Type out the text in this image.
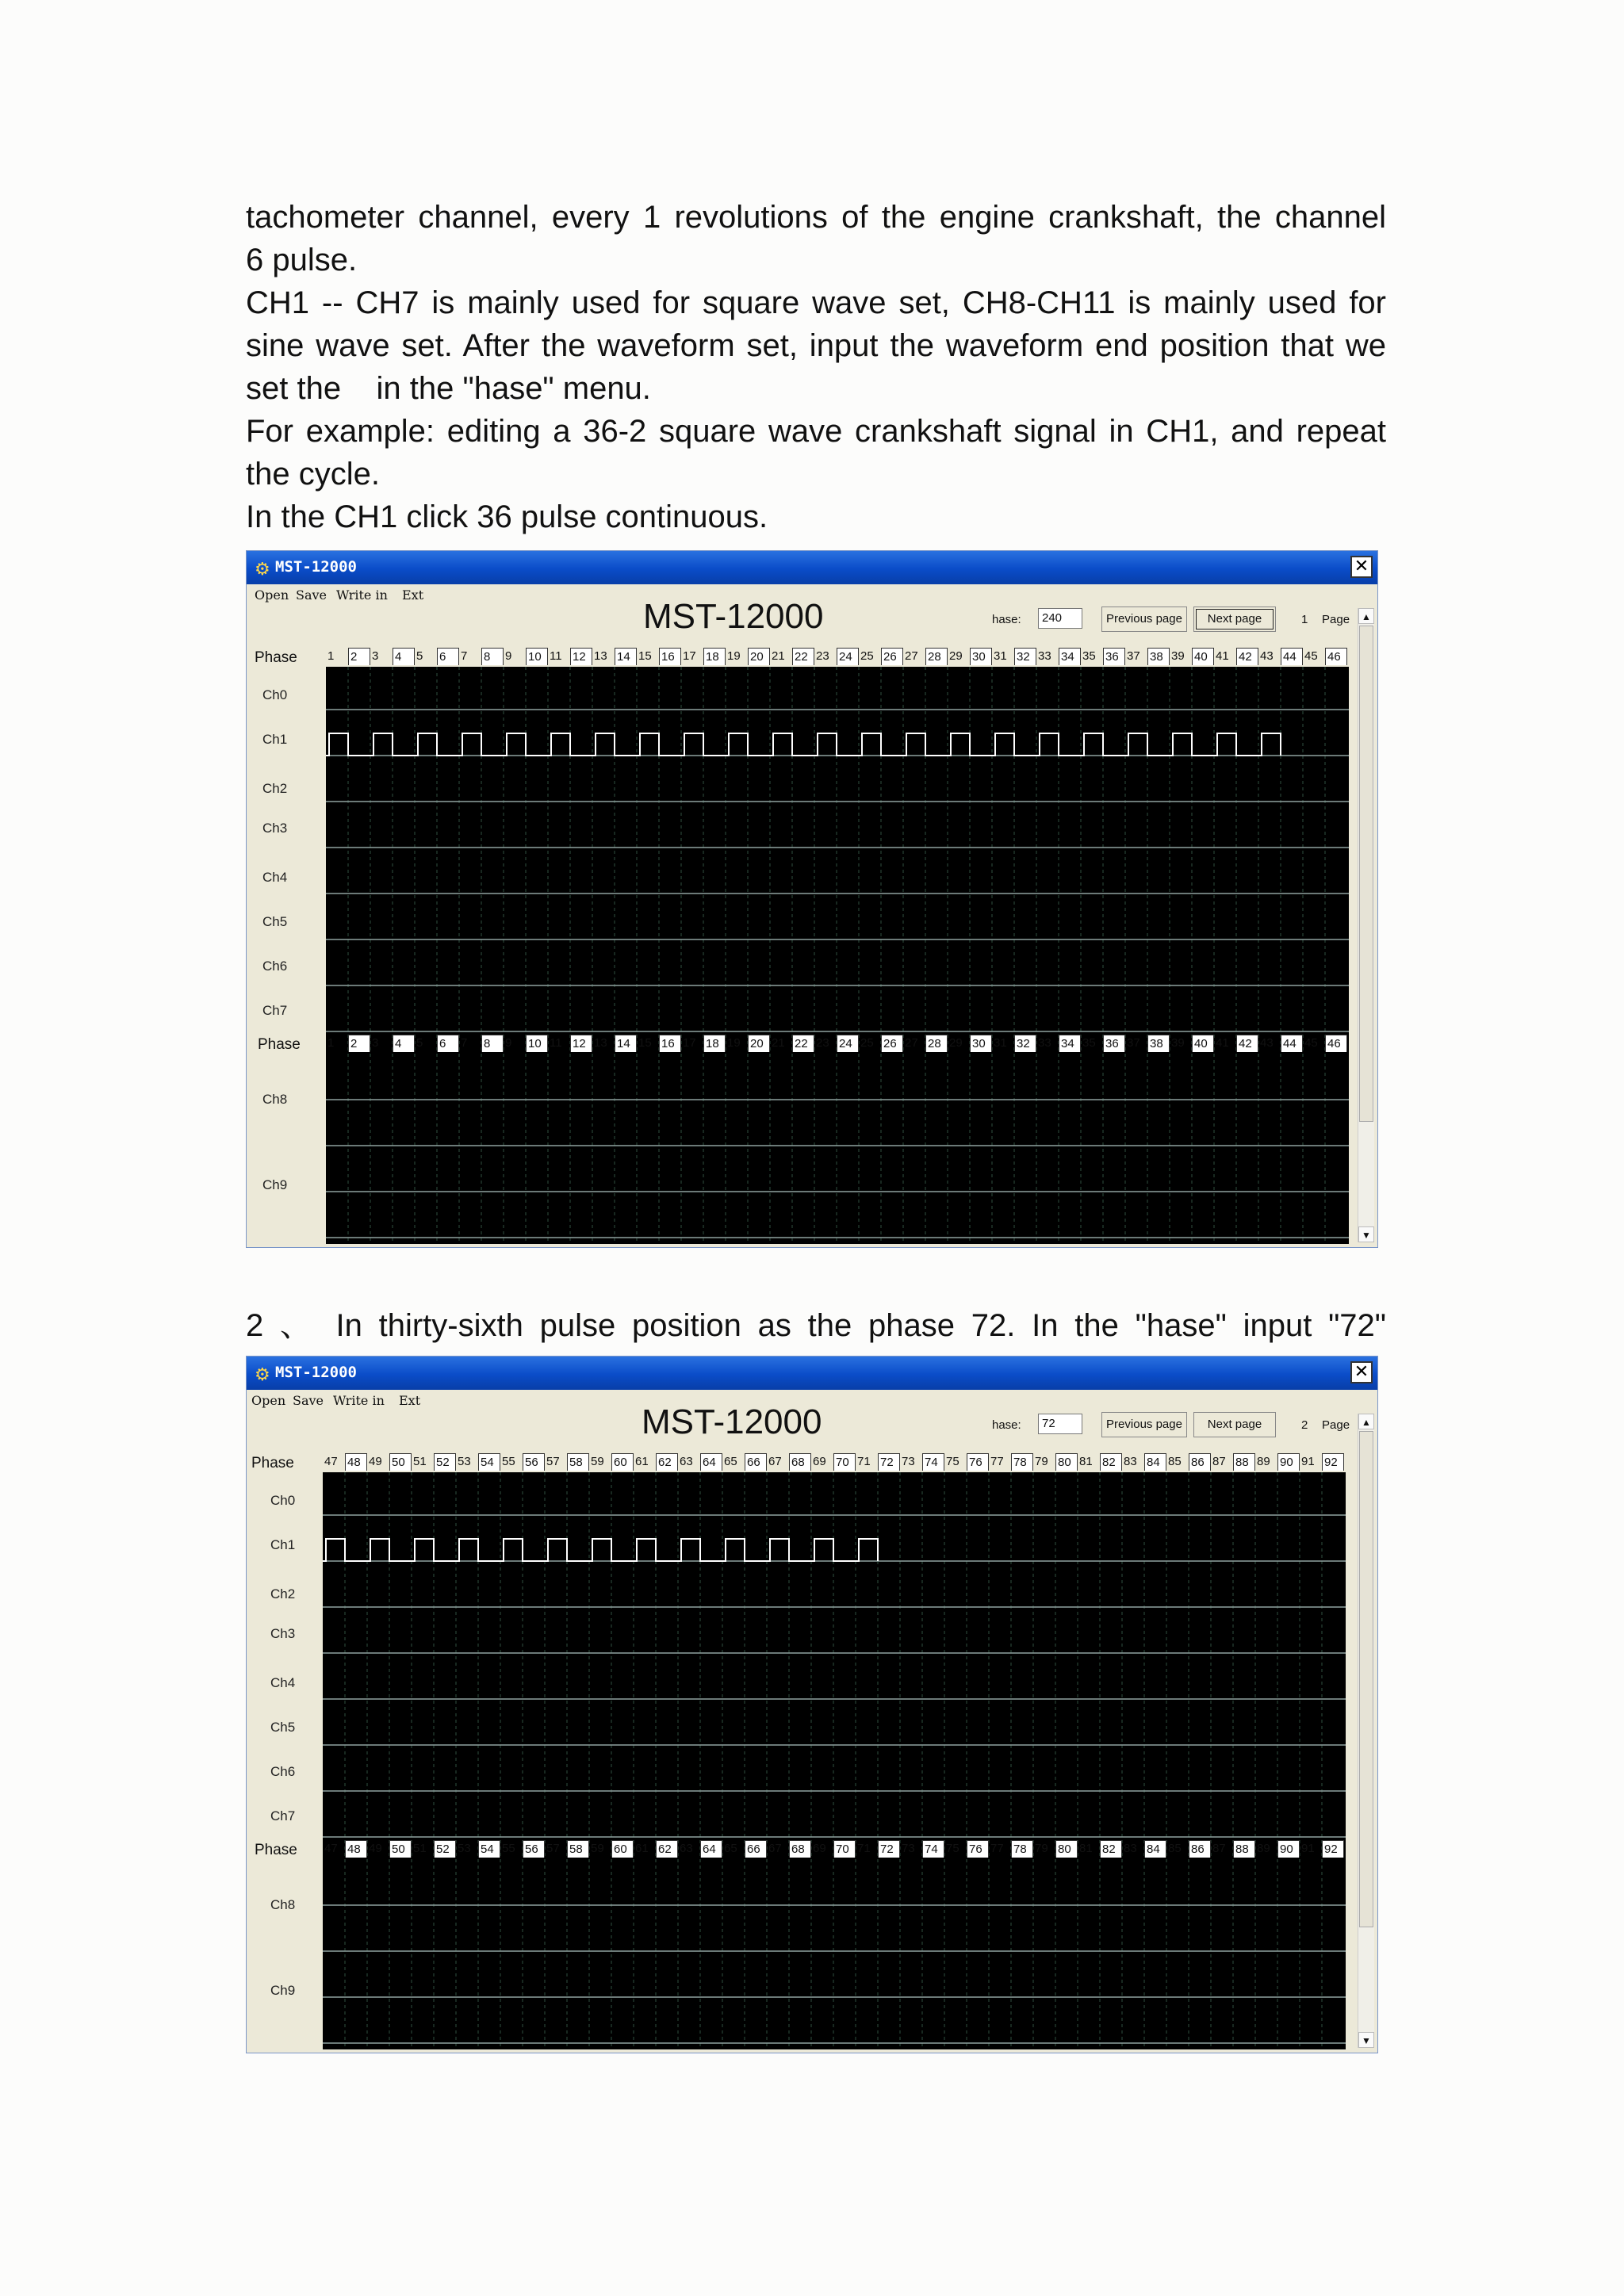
tachometer channel, every 1 revolutions of the engine crankshaft, the channel

6 pulse.

CH1 -- CH7 is mainly used for square wave set, CH8-CH11 is mainly used for

sine wave set. After the waveform set, input the waveform end position that we

set the    in the "hase" menu.

For example: editing a 36-2 square wave crankshaft signal in CH1, and repeat

the cycle.

In the CH1 click 36 pulse continuous.

⚙ MST-12000	✕
Open Save Write in Ext
MST-12000	hase:	240	Previous page	Next page	1 Page
Phase	1	2	3	4	5	6	7	8	9	10 11 12 13 14 15 16 17 18 19 20 21 22 23 24 25 26 27 28 29 30 31 32 33 34 35 36 37 38 39 40 41 42 43 44 45 46
Ch0
Ch1
Ch2
Ch3
Ch4
Ch5
Ch6
Ch7
Phase 1	2	3	4	5	6	7	8	9	10 11 12 13 14 15 16 17 18 19 20 21 22 23 24 25 26 27 28 29 30 31 32 33 34 35 36 37 38 39 40 41 42 43 44 45 46
Ch8
Ch9
▲
▼

2 、 In thirty-sixth pulse position as the phase 72. In the "hase" input "72"

⚙ MST-12000	✕
Open Save Write in Ext
MST-12000	hase:	72	Previous page	Next page	2 Page
Phase	47 48 49 50 51 52 53 54 55 56 57 58 59 60 61 62 63 64 65 66 67 68 69 70 71 72 73 74 75 76 77 78 79 80 81 82 83 84 85 86 87 88 89 90 91 92
Ch0
Ch1
Ch2
Ch3
Ch4
Ch5
Ch6
Ch7
Phase 47 48 49 50 51 52 53 54 55 56 57 58 59 60 61 62 63 64 65 66 67 68 69 70 71 72 73 74 75 76 77 78 79 80 81 82 83 84 85 86 87 88 89 90 91 92
Ch8
Ch9
▲
▼
